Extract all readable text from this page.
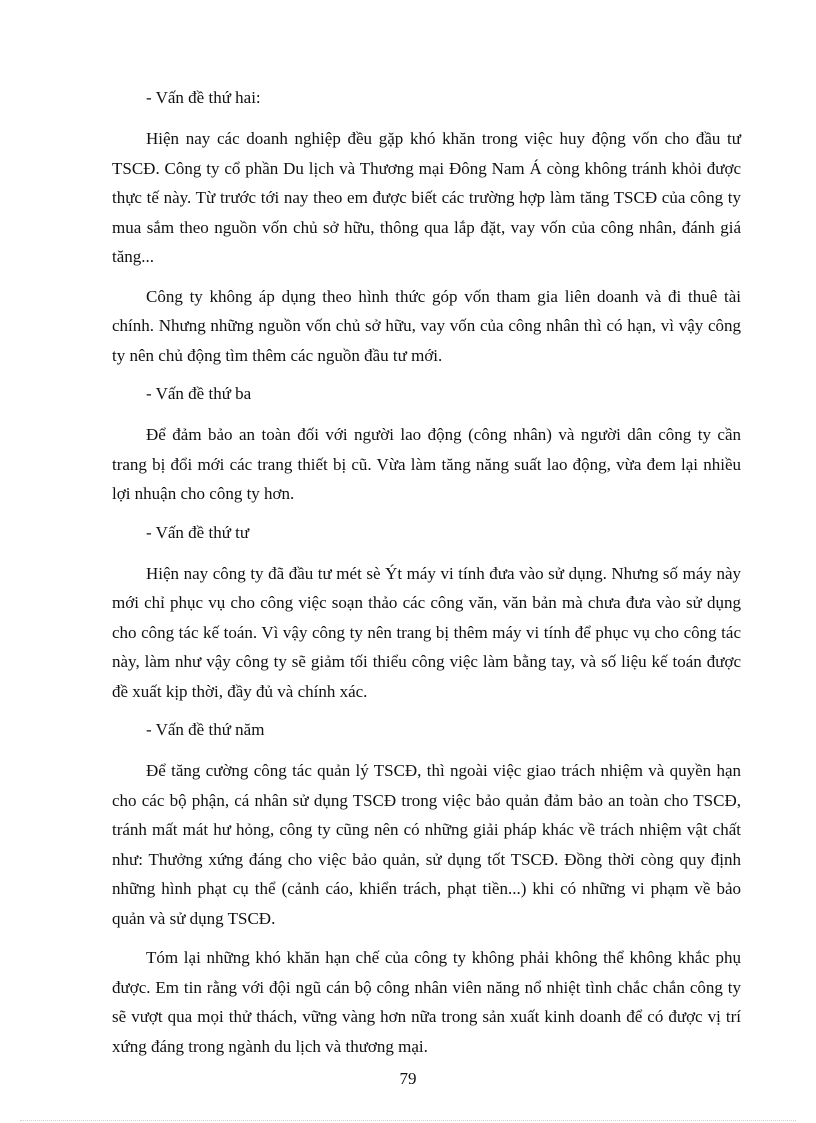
- Vấn đề thứ hai:

Hiện nay các doanh nghiệp đều gặp khó khăn trong việc huy động vốn cho đầu tư TSCĐ. Công ty cổ phần Du lịch và Thương mại Đông Nam Á còng không tránh khỏi được thực tế này. Từ trước tới nay theo em được biết các trường hợp làm tăng TSCĐ của công ty mua sắm theo nguồn vốn chủ sở hữu, thông qua lắp đặt, vay vốn của công nhân, đánh giá tăng...

Công ty không áp dụng theo hình thức góp vốn tham gia liên doanh và đi thuê tài chính. Nhưng những nguồn vốn chủ sở hữu, vay vốn của công nhân thì có hạn, vì vậy công ty nên chủ động tìm thêm các nguồn đầu tư mới.

- Vấn đề thứ ba

Để đảm bảo an toàn đối với người lao động (công nhân) và người dân công ty cần trang bị đổi mới các trang thiết bị cũ. Vừa làm tăng năng suất lao động, vừa đem lại nhiều lợi nhuận cho công ty hơn.

- Vấn đề thứ tư

Hiện nay công ty đã đầu tư mét sè Ýt máy vi tính đưa vào sử dụng. Nhưng số máy này mới chỉ phục vụ cho công việc soạn thảo các công văn, văn bản mà chưa đưa vào sử dụng cho công tác kế toán. Vì vậy công ty nên trang bị thêm máy vi tính để phục vụ cho công tác này, làm như vậy công ty sẽ giảm tối thiểu công việc làm bằng tay, và số liệu kế toán được đề xuất kịp thời, đầy đủ và chính xác.

- Vấn đề thứ năm

Để tăng cường công tác quản lý TSCĐ, thì ngoài việc giao trách nhiệm và quyền hạn cho các bộ phận, cá nhân sử dụng TSCĐ trong việc bảo quản đảm bảo an toàn cho TSCĐ, tránh mất mát hư hỏng, công ty cũng nên có những giải pháp khác về trách nhiệm vật chất như: Thưởng xứng đáng cho việc bảo quản, sử dụng tốt TSCĐ. Đồng thời còng quy định những hình phạt cụ thể (cảnh cáo, khiển trách, phạt tiền...) khi có những vi phạm về bảo quản và sử dụng TSCĐ.

Tóm lại những khó khăn hạn chế của công ty không phải không thể không khắc phụ được. Em tin rằng với đội ngũ cán bộ công nhân viên năng nổ nhiệt tình chắc chắn công ty sẽ vượt qua mọi thử thách, vững vàng hơn nữa trong sản xuất kinh doanh để có được vị trí xứng đáng trong ngành du lịch và thương mại.

79
